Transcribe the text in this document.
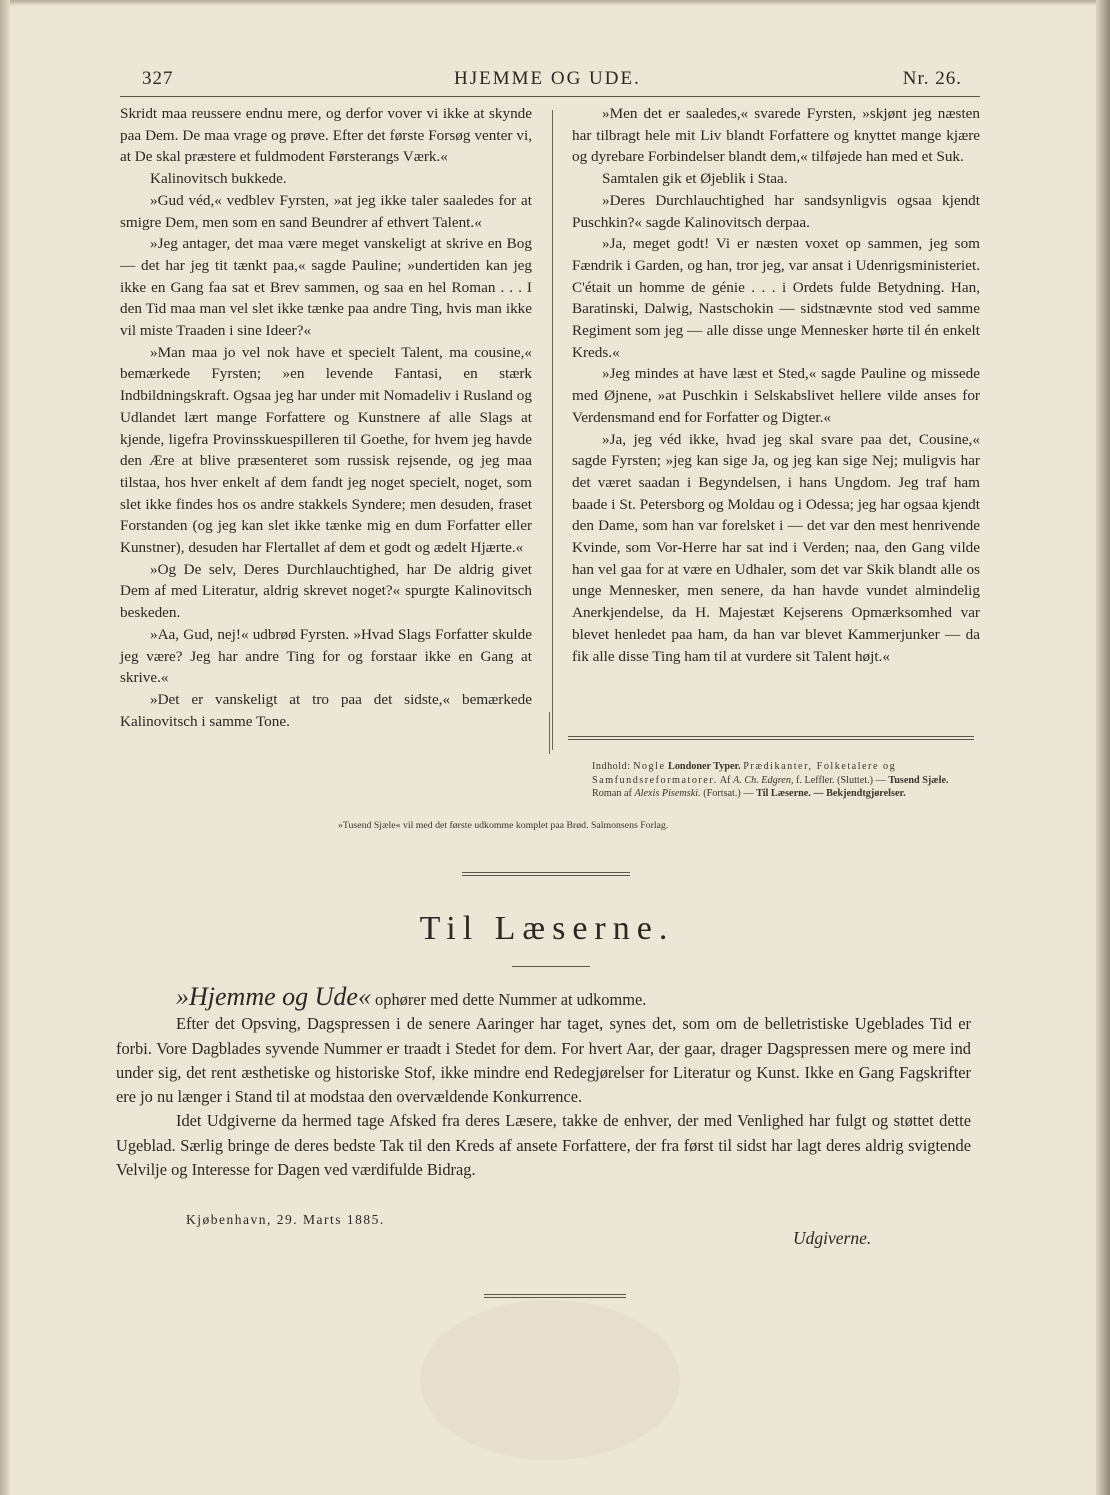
327	HJEMME OG UDE.	Nr. 26.

Skridt maa reussere endnu mere, og derfor vover vi ikke at skynde paa Dem. De maa vrage og prøve. Efter det første Forsøg venter vi, at De skal præstere et fuldmodent Førsterangs Værk.«

Kalinovitsch bukkede.

»Gud véd,« vedblev Fyrsten, »at jeg ikke taler saaledes for at smigre Dem, men som en sand Beundrer af ethvert Talent.«

»Jeg antager, det maa være meget vanskeligt at skrive en Bog — det har jeg tit tænkt paa,« sagde Pauline; »undertiden kan jeg ikke en Gang faa sat et Brev sammen, og saa en hel Roman . . . I den Tid maa man vel slet ikke tænke paa andre Ting, hvis man ikke vil miste Traaden i sine Ideer?«

»Man maa jo vel nok have et specielt Talent, ma cousine,« bemærkede Fyrsten; »en levende Fantasi, en stærk Indbildningskraft. Ogsaa jeg har under mit Nomadeliv i Rusland og Udlandet lært mange Forfattere og Kunstnere af alle Slags at kjende, ligefra Provinsskuespilleren til Goethe, for hvem jeg havde den Ære at blive præsenteret som russisk rejsende, og jeg maa tilstaa, hos hver enkelt af dem fandt jeg noget specielt, noget, som slet ikke findes hos os andre stakkels Syndere; men desuden, fraset Forstanden (og jeg kan slet ikke tænke mig en dum Forfatter eller Kunstner), desuden har Flertallet af dem et godt og ædelt Hjærte.«

»Og De selv, Deres Durchlauchtighed, har De aldrig givet Dem af med Literatur, aldrig skrevet noget?« spurgte Kalinovitsch beskeden.

»Aa, Gud, nej!« udbrød Fyrsten. »Hvad Slags Forfatter skulde jeg være? Jeg har andre Ting for og forstaar ikke en Gang at skrive.«

»Det er vanskeligt at tro paa det sidste,« bemærkede Kalinovitsch i samme Tone.

»Men det er saaledes,« svarede Fyrsten, »skjønt jeg næsten har tilbragt hele mit Liv blandt Forfattere og knyttet mange kjære og dyrebare Forbindelser blandt dem,« tilføjede han med et Suk.

Samtalen gik et Øjeblik i Staa.

»Deres Durchlauchtighed har sandsynligvis ogsaa kjendt Puschkin?« sagde Kalinovitsch derpaa.

»Ja, meget godt! Vi er næsten voxet op sammen, jeg som Fændrik i Garden, og han, tror jeg, var ansat i Udenrigsministeriet. C'était un homme de génie . . . i Ordets fulde Betydning. Han, Baratinski, Dalwig, Nastschokin — sidstnævnte stod ved samme Regiment som jeg — alle disse unge Mennesker hørte til én enkelt Kreds.«

»Jeg mindes at have læst et Sted,« sagde Pauline og missede med Øjnene, »at Puschkin i Selskabslivet hellere vilde anses for Verdensmand end for Forfatter og Digter.«

»Ja, jeg véd ikke, hvad jeg skal svare paa det, Cousine,« sagde Fyrsten; »jeg kan sige Ja, og jeg kan sige Nej; muligvis har det været saadan i Begyndelsen, i hans Ungdom. Jeg traf ham baade i St. Petersborg og Moldau og i Odessa; jeg har ogsaa kjendt den Dame, som han var forelsket i — det var den mest henrivende Kvinde, som Vor-Herre har sat ind i Verden; naa, den Gang vilde han vel gaa for at være en Udhaler, som det var Skik blandt alle os unge Mennesker, men senere, da han havde vundet almindelig Anerkjendelse, da H. Majestæt Kejserens Opmærksomhed var blevet henledet paa ham, da han var blevet Kammerjunker — da fik alle disse Ting ham til at vurdere sit Talent højt.«

Indhold: Nogle Londoner Typer. Prædikanter, Folketalere og Samfundsreformatorer. Af A. Ch. Edgren, f. Leffler. (Sluttet.) — Tusend Sjæle. Roman af Alexis Pisemski. (Fortsat.) — Til Læserne. — Bekjendtgjørelser.
»Tusend Sjæle« vil med det første udkomme komplet paa Brød. Salmonsens Forlag.
Til Læserne.

»Hjemme og Ude« ophører med dette Nummer at udkomme.

Efter det Opsving, Dagspressen i de senere Aaringer har taget, synes det, som om de belletristiske Ugeblades Tid er forbi. Vore Dagblades syvende Nummer er traadt i Stedet for dem. For hvert Aar, der gaar, drager Dagspressen mere og mere ind under sig, det rent æsthetiske og historiske Stof, ikke mindre end Redegjørelser for Literatur og Kunst. Ikke en Gang Fagskrifter ere jo nu længer i Stand til at modstaa den overvældende Konkurrence.

Idet Udgiverne da hermed tage Afsked fra deres Læsere, takke de enhver, der med Venlighed har fulgt og støttet dette Ugeblad. Særlig bringe de deres bedste Tak til den Kreds af ansete Forfattere, der fra først til sidst har lagt deres aldrig svigtende Velvilje og Interesse for Dagen ved værdifulde Bidrag.

Kjøbenhavn, 29. Marts 1885.
Udgiverne.
